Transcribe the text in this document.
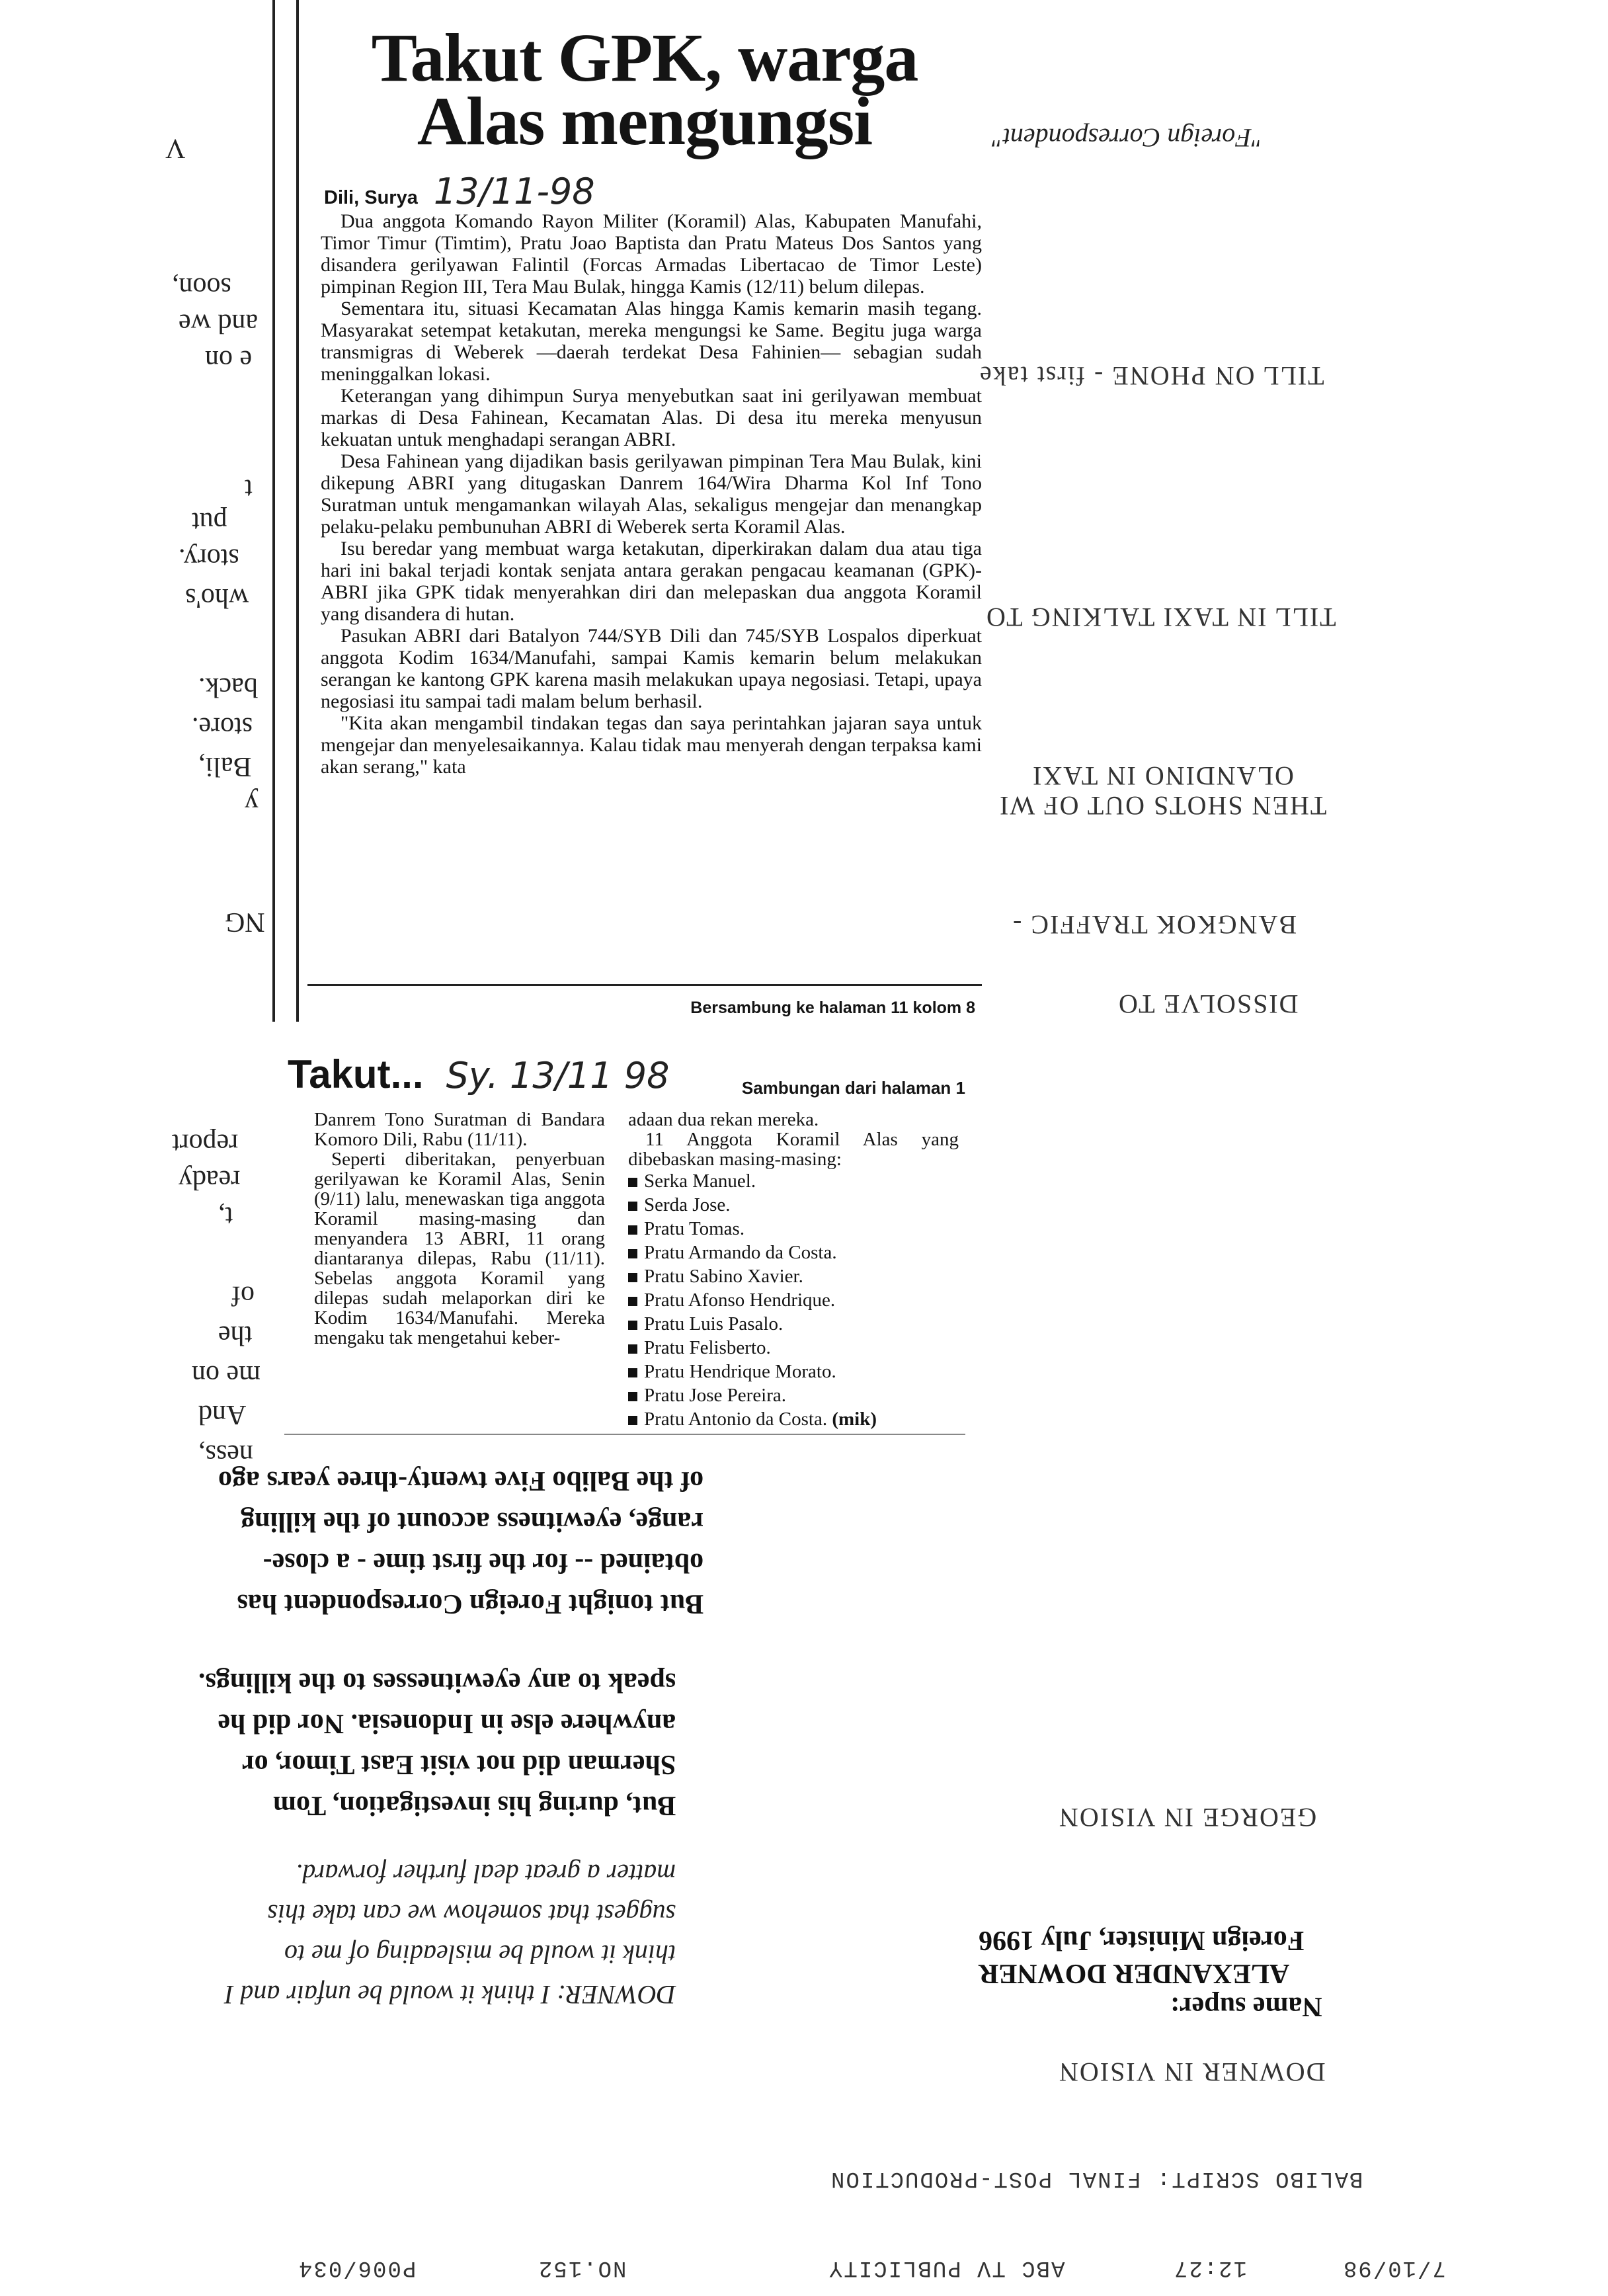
Takut GPK, warga
Alas mengungsi
Dili, Surya 13/11-98

Dua anggota Komando Rayon Militer (Koramil) Alas, Kabupaten Manufahi, Timor Timur (Timtim), Pratu Joao Baptista dan Pratu Mateus Dos Santos yang disandera gerilyawan Falintil (Forcas Armadas Libertacao de Timor Leste) pimpinan Region III, Tera Mau Bulak, hingga Kamis (12/11) belum dilepas.

Sementara itu, situasi Kecamatan Alas hingga Kamis kemarin masih tegang. Masyarakat setempat ketakutan, mereka mengungsi ke Same. Begitu juga warga transmigras di Weberek —daerah terdekat Desa Fahinien— sebagian sudah meninggalkan lokasi.

Keterangan yang dihimpun Surya menyebutkan saat ini gerilyawan membuat markas di Desa Fahinean, Kecamatan Alas. Di desa itu mereka menyusun kekuatan untuk menghadapi serangan ABRI.

Desa Fahinean yang dijadikan basis gerilyawan pimpinan Tera Mau Bulak, kini dikepung ABRI yang ditugaskan Danrem 164/Wira Dharma Kol Inf Tono Suratman untuk mengamankan wilayah Alas, sekaligus mengejar dan menangkap pelaku-pelaku pembunuhan ABRI di Weberek serta Koramil Alas.

Isu beredar yang membuat warga ketakutan, diperkirakan dalam dua atau tiga hari ini bakal terjadi kontak senjata antara gerakan pengacau keamanan (GPK)-ABRI jika GPK tidak menyerahkan diri dan melepaskan dua anggota Koramil yang disandera di hutan.

Pasukan ABRI dari Batalyon 744/SYB Dili dan 745/SYB Lospalos diperkuat anggota Kodim 1634/Manufahi, sampai Kamis kemarin belum melakukan serangan ke kantong GPK karena masih melakukan upaya negosiasi. Tetapi, upaya negosiasi itu sampai tadi malam belum berhasil.

"Kita akan mengambil tindakan tegas dan saya perintahkan jajaran saya untuk mengejar dan menyelesaikannya. Kalau tidak mau menyerah dengan terpaksa kami akan serang," kata

Bersambung ke halaman 11 kolom 8
Takut... Sy. 13/11 98	Sambungan dari halaman 1

Danrem Tono Suratman di Bandara Komoro Dili, Rabu (11/11).

Seperti diberitakan, penyerbuan gerilyawan ke Koramil Alas, Senin (9/11) lalu, menewaskan tiga anggota Koramil masing-masing dan menyandera 13 ABRI, 11 orang diantaranya dilepas, Rabu (11/11). Sebelas anggota Koramil yang dilepas sudah melaporkan diri ke Kodim 1634/Manufahi. Mereka mengaku tak mengetahui keber-

adaan dua rekan mereka.

11 Anggota Koramil Alas yang dibebaskan masing-masing:

Serka Manuel.
Serda Jose.
Pratu Tomas.
Pratu Armando da Costa.
Pratu Sabino Xavier.
Pratu Afonso Hendrique.
Pratu Luis Pasalo.
Pratu Felisberto.
Pratu Hendrique Morato.
Pratu Jose Pereira.
Pratu Antonio da Costa. (mik)
"Foreign Correspondent"
TILL ON PHONE - first take
TILL IN TAXI TALKING TO
OLANDINO IN TAXI
THEN SHOTS OUT OF WI
BANGKOK TRAFFIC -
DISSOLVE TO
GEORGE IN VISION
Foreign Minister, July 1996
ALEXANDER DOWNER
Name super:
DOWNER IN VISION
V
soon,
and we
e on
t
put
story.
who's
back.
store.
Bali,
y
NG
report
ready
t,
of
the
me on
And
ness,
of the Balibo Five twenty-three years ago
range, eyewitness account of the killing
obtained -- for the first time - a close-
But tonight Foreign Correspondent has
speak to any eyewitnesses to the killings.
anywhere else in Indonesia. Nor did he
Sherman did not visit East Timor, or
But, during his investigation, Tom
matter a great deal further forward.
suggest that somehow we can take this
think it would be misleading of me to
DOWNER: I think it would be unfair and I
BALIBO SCRIPT: FINAL POST-PRODUCTION
P006/034	NO.152	ABC TV PUBLICITY	12:27	7/10/98
